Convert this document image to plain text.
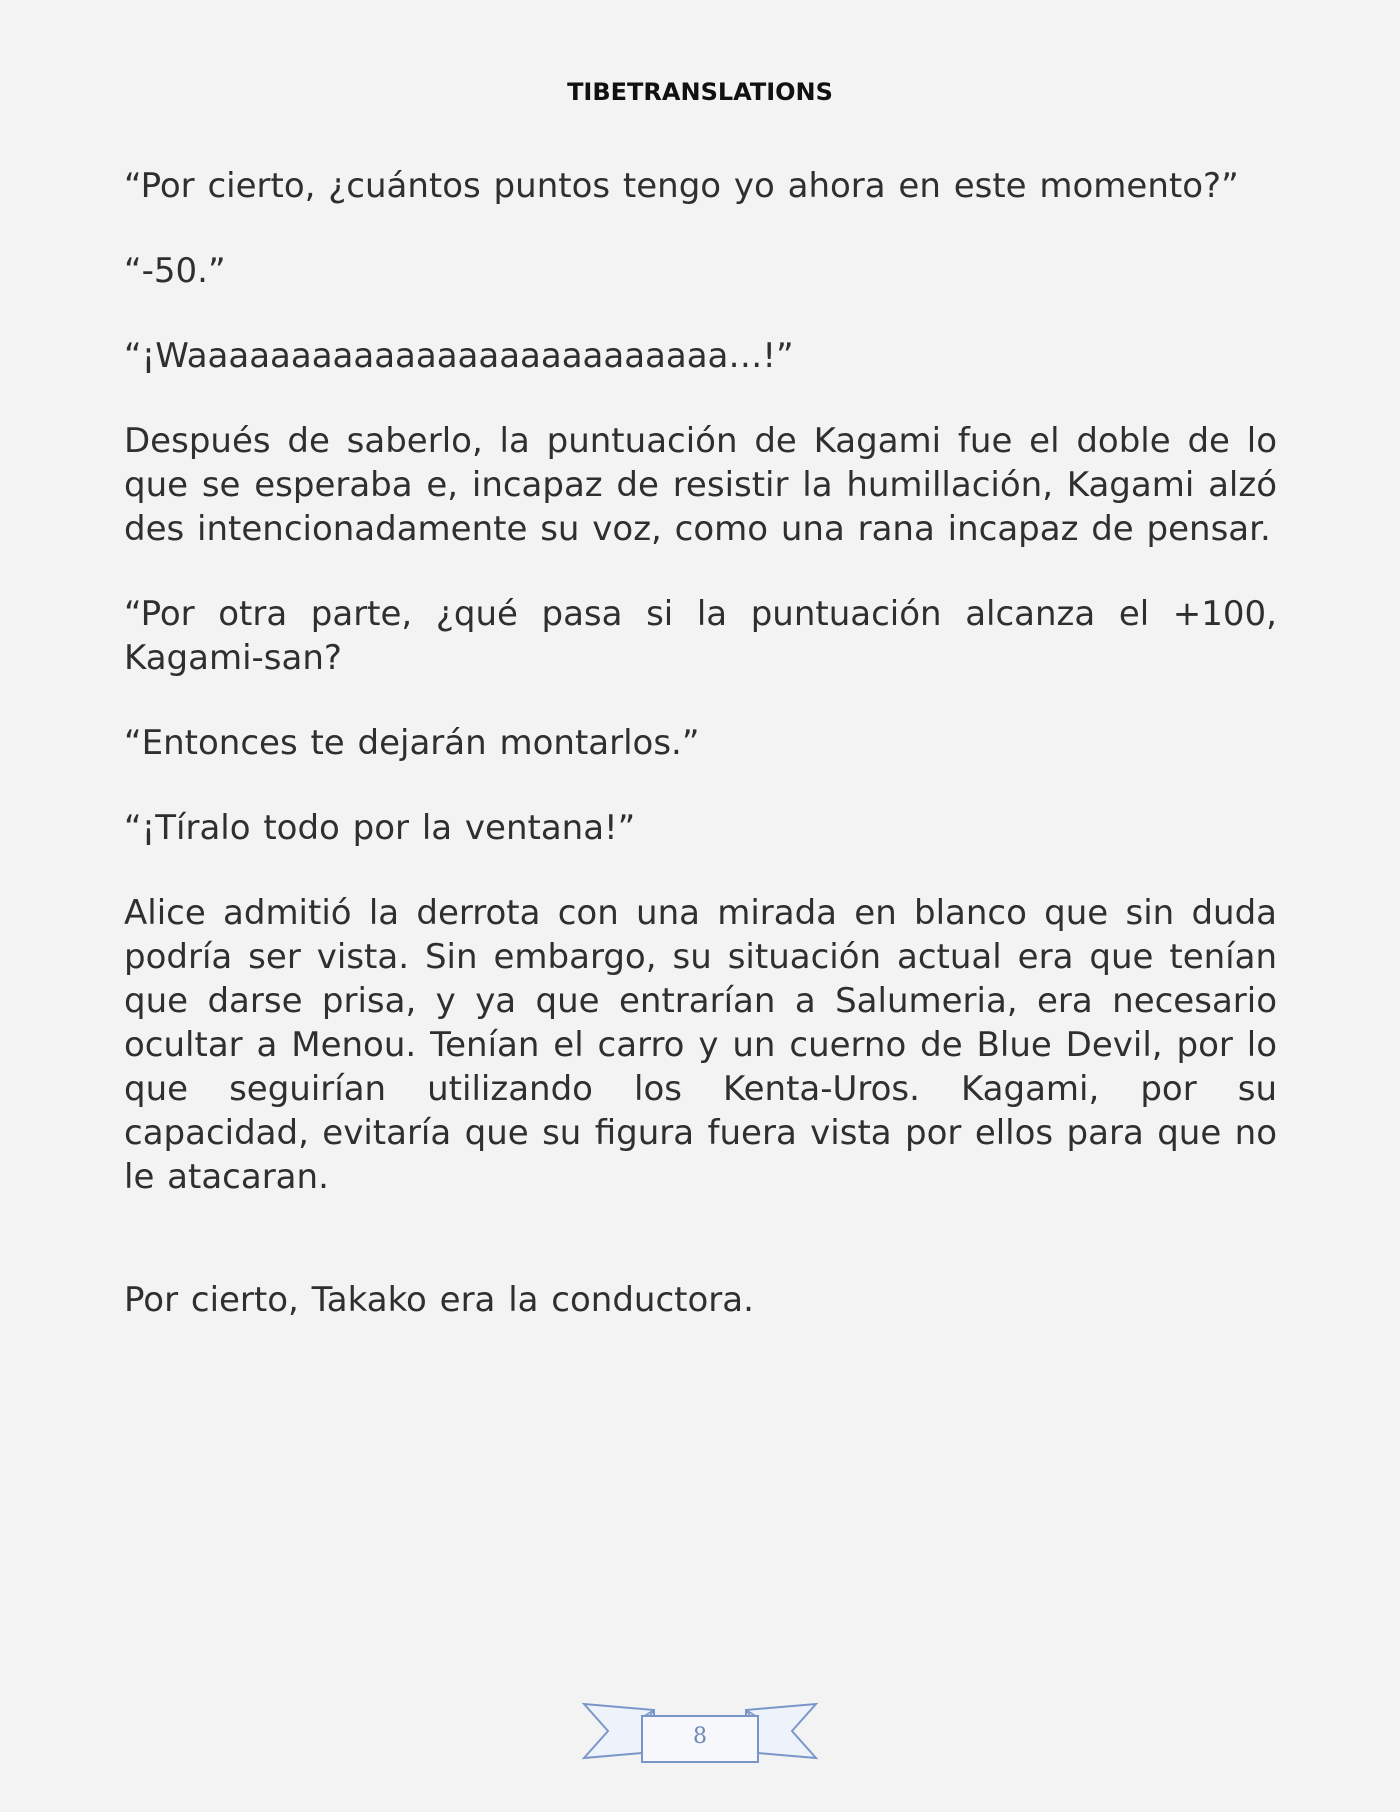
TIBETRANSLATIONS

“Por cierto, ¿cuántos puntos tengo yo ahora en este momento?”

“-50.”

“¡Waaaaaaaaaaaaaaaaaaaaaaaaaa…!”

Después de saberlo, la puntuación de Kagami fue el doble de lo que se esperaba e, incapaz de resistir la humillación, Kagami alzó des intencionadamente su voz, como una rana incapaz de pensar.

“Por otra parte, ¿qué pasa si la puntuación alcanza el +100, Kagami-san?

“Entonces te dejarán montarlos.”

“¡Tíralo todo por la ventana!”

Alice admitió la derrota con una mirada en blanco que sin duda podría ser vista. Sin embargo, su situación actual era que tenían que darse prisa, y ya que entrarían a Salumeria, era necesario ocultar a Menou. Tenían el carro y un cuerno de Blue Devil, por lo que seguirían utilizando los Kenta-Uros. Kagami, por su capacidad, evitaría que su figura fuera vista por ellos para que no le atacaran.

Por cierto, Takako era la conductora.

8
